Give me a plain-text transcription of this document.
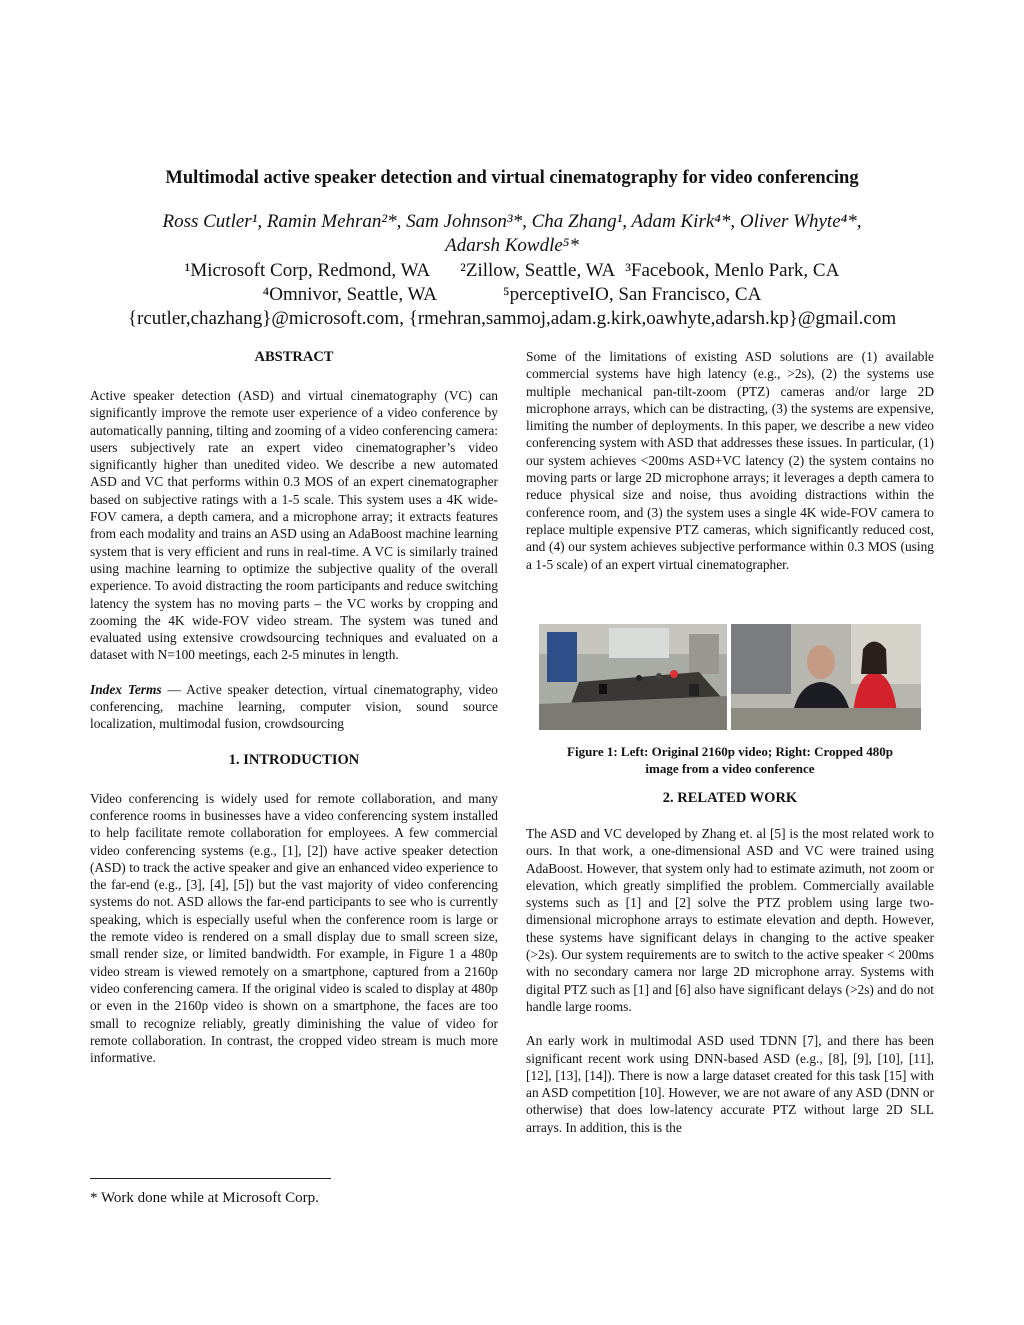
Multimodal active speaker detection and virtual cinematography for video conferencing
Ross Cutler¹, Ramin Mehran²*, Sam Johnson³*, Cha Zhang¹, Adam Kirk⁴*, Oliver Whyte⁴*,
Adarsh Kowdle⁵*
¹Microsoft Corp, Redmond, WA ²Zillow, Seattle, WA ³Facebook, Menlo Park, CA
⁴Omnivor, Seattle, WA	⁵perceptiveIO, San Francisco, CA
{rcutler,chazhang}@microsoft.com, {rmehran,sammoj,adam.g.kirk,oawhyte,adarsh.kp}@gmail.com
ABSTRACT

Active speaker detection (ASD) and virtual cinematography (VC) can significantly improve the remote user experience of a video conference by automatically panning, tilting and zooming of a video conferencing camera: users subjectively rate an expert video cinematographer’s video significantly higher than unedited video. We describe a new automated ASD and VC that performs within 0.3 MOS of an expert cinematographer based on subjective ratings with a 1-5 scale. This system uses a 4K wide-FOV camera, a depth camera, and a microphone array; it extracts features from each modality and trains an ASD using an AdaBoost machine learning system that is very efficient and runs in real-time. A VC is similarly trained using machine learning to optimize the subjective quality of the overall experience. To avoid distracting the room participants and reduce switching latency the system has no moving parts – the VC works by cropping and zooming the 4K wide-FOV video stream. The system was tuned and evaluated using extensive crowdsourcing techniques and evaluated on a dataset with N=100 meetings, each 2-5 minutes in length.

Index Terms — Active speaker detection, virtual cinematography, video conferencing, machine learning, computer vision, sound source localization, multimodal fusion, crowdsourcing

1. INTRODUCTION

Video conferencing is widely used for remote collaboration, and many conference rooms in businesses have a video conferencing system installed to help facilitate remote collaboration for employees. A few commercial video conferencing systems (e.g., [1], [2]) have active speaker detection (ASD) to track the active speaker and give an enhanced video experience to the far-end (e.g., [3], [4], [5]) but the vast majority of video conferencing systems do not. ASD allows the far-end participants to see who is currently speaking, which is especially useful when the conference room is large or the remote video is rendered on a small display due to small screen size, small render size, or limited bandwidth. For example, in Figure 1 a 480p video stream is viewed remotely on a smartphone, captured from a 2160p video conferencing camera. If the original video is scaled to display at 480p or even in the 2160p video is shown on a smartphone, the faces are too small to recognize reliably, greatly diminishing the value of video for remote collaboration. In contrast, the cropped video stream is much more informative.

* Work done while at Microsoft Corp.

Some of the limitations of existing ASD solutions are (1) available commercial systems have high latency (e.g., >2s), (2) the systems use multiple mechanical pan-tilt-zoom (PTZ) cameras and/or large 2D microphone arrays, which can be distracting, (3) the systems are expensive, limiting the number of deployments. In this paper, we describe a new video conferencing system with ASD that addresses these issues. In particular, (1) our system achieves <200ms ASD+VC latency (2) the system contains no moving parts or large 2D microphone arrays; it leverages a depth camera to reduce physical size and noise, thus avoiding distractions within the conference room, and (3) the system uses a single 4K wide-FOV camera to replace multiple expensive PTZ cameras, which significantly reduced cost, and (4) our system achieves subjective performance within 0.3 MOS (using a 1-5 scale) of an expert virtual cinematographer.

Figure 1: Left: Original 2160p video; Right: Cropped 480p
image from a video conference
2. RELATED WORK

The ASD and VC developed by Zhang et. al [5] is the most related work to ours. In that work, a one-dimensional ASD and VC were trained using AdaBoost. However, that system only had to estimate azimuth, not zoom or elevation, which greatly simplified the problem. Commercially available systems such as [1] and [2] solve the PTZ problem using large two-dimensional microphone arrays to estimate elevation and depth. However, these systems have significant delays in changing to the active speaker (>2s). Our system requirements are to switch to the active speaker < 200ms with no secondary camera nor large 2D microphone array. Systems with digital PTZ such as [1] and [6] also have significant delays (>2s) and do not handle large rooms.

An early work in multimodal ASD used TDNN [7], and there has been significant recent work using DNN-based ASD (e.g., [8], [9], [10], [11], [12], [13], [14]). There is now a large dataset created for this task [15] with an ASD competition [10]. However, we are not aware of any ASD (DNN or otherwise) that does low-latency accurate PTZ without large 2D SLL arrays. In addition, this is the
